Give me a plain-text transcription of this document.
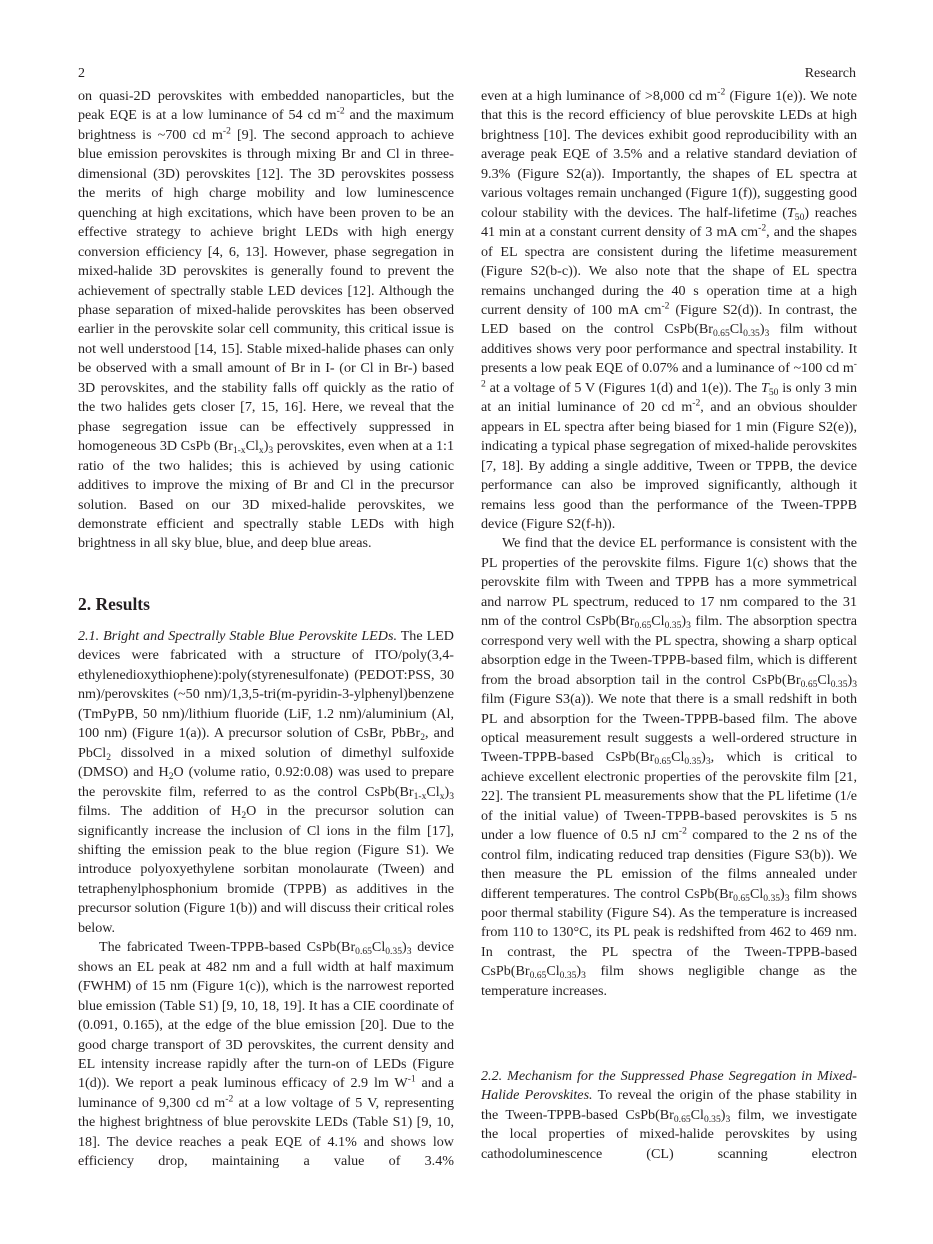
2	Research

on quasi-2D perovskites with embedded nanoparticles, but the peak EQE is at a low luminance of 54 cd $m^{-2}$ and the maximum brightness is ~700 cd $m^{-2}$ [9]. The second approach to achieve blue emission perovskites is through mixing Br and Cl in three-dimensional (3D) perovskites [12]. The 3D perovskites possess the merits of high charge mobility and low luminescence quenching at high excitations, which have been proven to be an effective strategy to achieve bright LEDs with high energy conversion efficiency [4, 6, 13]. However, phase segregation in mixed-halide 3D perovskites is generally found to prevent the achievement of spectrally stable LED devices [12]. Although the phase separation of mixed-halide perovskites has been observed earlier in the perovskite solar cell community, this critical issue is not well understood [14, 15]. Stable mixed-halide phases can only be observed with a small amount of Br in I- (or Cl in Br-) based 3D perovskites, and the stability falls off quickly as the ratio of the two halides gets closer [7, 15, 16]. Here, we reveal that the phase segregation issue can be effectively suppressed in homogeneous 3D CsPb $(Br_{1-x}Cl_x)_3$ perovskites, even when at a 1:1 ratio of the two halides; this is achieved by using cationic additives to improve the mixing of Br and Cl in the precursor solution. Based on our 3D mixed-halide perovskites, we demonstrate efficient and spectrally stable LEDs with high brightness in all sky blue, blue, and deep blue areas.

2. Results

2.1. Bright and Spectrally Stable Blue Perovskite LEDs. The LED devices were fabricated with a structure of ITO/poly(3,4-ethylenedioxythiophene):poly(styrenesulfonate) (PEDOT:PSS, 30 nm)/perovskites (~50 nm)/1,3,5-tri(m-pyridin-3-ylphenyl)benzene (TmPyPB, 50 nm)/lithium fluoride (LiF, 1.2 nm)/aluminium (Al, 100 nm) (Figure 1(a)). A precursor solution of CsBr, PbBr$_2$, and PbCl$_2$ dissolved in a mixed solution of dimethyl sulfoxide (DMSO) and $H_2O$ (volume ratio, 0.92:0.08) was used to prepare the perovskite film, referred to as the control $CsPb(Br_{1-x}Cl_x)_3$ films. The addition of $H_2O$ in the precursor solution can significantly increase the inclusion of Cl ions in the film [17], shifting the emission peak to the blue region (Figure S1). We introduce polyoxyethylene sorbitan monolaurate (Tween) and tetraphenylphosphonium bromide (TPPB) as additives in the precursor solution (Figure 1(b)) and will discuss their critical roles below.

The fabricated Tween-TPPB-based $CsPb(Br_{0.65}Cl_{0.35})_3$ device shows an EL peak at 482 nm and a full width at half maximum (FWHM) of 15 nm (Figure 1(c)), which is the narrowest reported blue emission (Table S1) [9, 10, 18, 19]. It has a CIE coordinate of (0.091, 0.165), at the edge of the blue emission [20]. Due to the good charge transport of 3D perovskites, the current density and EL intensity increase rapidly after the turn-on of LEDs (Figure 1(d)). We report a peak luminous efficacy of 2.9 lm $W^{-1}$ and a luminance of 9,300 cd $m^{-2}$ at a low voltage of 5 V, representing the highest brightness of blue perovskite LEDs (Table S1) [9, 10, 18]. The device reaches a peak EQE of 4.1% and shows low efficiency drop, maintaining a value of 3.4%

even at a high luminance of >8,000 cd $m^{-2}$ (Figure 1(e)). We note that this is the record efficiency of blue perovskite LEDs at high brightness [10]. The devices exhibit good reproducibility with an average peak EQE of 3.5% and a relative standard deviation of 9.3% (Figure S2(a)). Importantly, the shapes of EL spectra at various voltages remain unchanged (Figure 1(f)), suggesting good colour stability with the devices. The half-lifetime $(T_{50})$ reaches 41 min at a constant current density of 3 mA $cm^{-2}$, and the shapes of EL spectra are consistent during the lifetime measurement (Figure S2(b-c)). We also note that the shape of EL spectra remains unchanged during the 40 s operation time at a high current density of 100 mA $cm^{-2}$ (Figure S2(d)). In contrast, the LED based on the control $CsPb(Br_{0.65}Cl_{0.35})_3$ film without additives shows very poor performance and spectral instability. It presents a low peak EQE of 0.07% and a luminance of ~100 cd $m^{-2}$ at a voltage of 5 V (Figures 1(d) and 1(e)). The $T_{50}$ is only 3 min at an initial luminance of 20 cd $m^{-2}$, and an obvious shoulder appears in EL spectra after being biased for 1 min (Figure S2(e)), indicating a typical phase segregation of mixed-halide perovskites [7, 18]. By adding a single additive, Tween or TPPB, the device performance can also be improved significantly, although it remains less good than the performance of the Tween-TPPB device (Figure S2(f-h)).

We find that the device EL performance is consistent with the PL properties of the perovskite films. Figure 1(c) shows that the perovskite film with Tween and TPPB has a more symmetrical and narrow PL spectrum, reduced to 17 nm compared to the 31 nm of the control $CsPb(Br_{0.65}Cl_{0.35})_3$ film. The absorption spectra correspond very well with the PL spectra, showing a sharp optical absorption edge in the Tween-TPPB-based film, which is different from the broad absorption tail in the control $CsPb(Br_{0.65}Cl_{0.35})_3$ film (Figure S3(a)). We note that there is a small redshift in both PL and absorption for the Tween-TPPB-based film. The above optical measurement result suggests a well-ordered structure in Tween-TPPB-based $CsPb(Br_{0.65}Cl_{0.35})_3$, which is critical to achieve excellent electronic properties of the perovskite film [21, 22]. The transient PL measurements show that the PL lifetime (1/e of the initial value) of Tween-TPPB-based perovskites is 5 ns under a low fluence of 0.5 nJ $cm^{-2}$ compared to the 2 ns of the control film, indicating reduced trap densities (Figure S3(b)). We then measure the PL emission of the films annealed under different temperatures. The control $CsPb(Br_{0.65}Cl_{0.35})_3$ film shows poor thermal stability (Figure S4). As the temperature is increased from 110 to 130°C, its PL peak is redshifted from 462 to 469 nm. In contrast, the PL spectra of the Tween-TPPB-based $CsPb(Br_{0.65}Cl_{0.35})_3$ film shows negligible change as the temperature increases.

2.2. Mechanism for the Suppressed Phase Segregation in Mixed-Halide Perovskites. To reveal the origin of the phase stability in the Tween-TPPB-based $CsPb(Br_{0.65}Cl_{0.35})_3$ film, we investigate the local properties of mixed-halide perovskites by using cathodoluminescence (CL) scanning electron
